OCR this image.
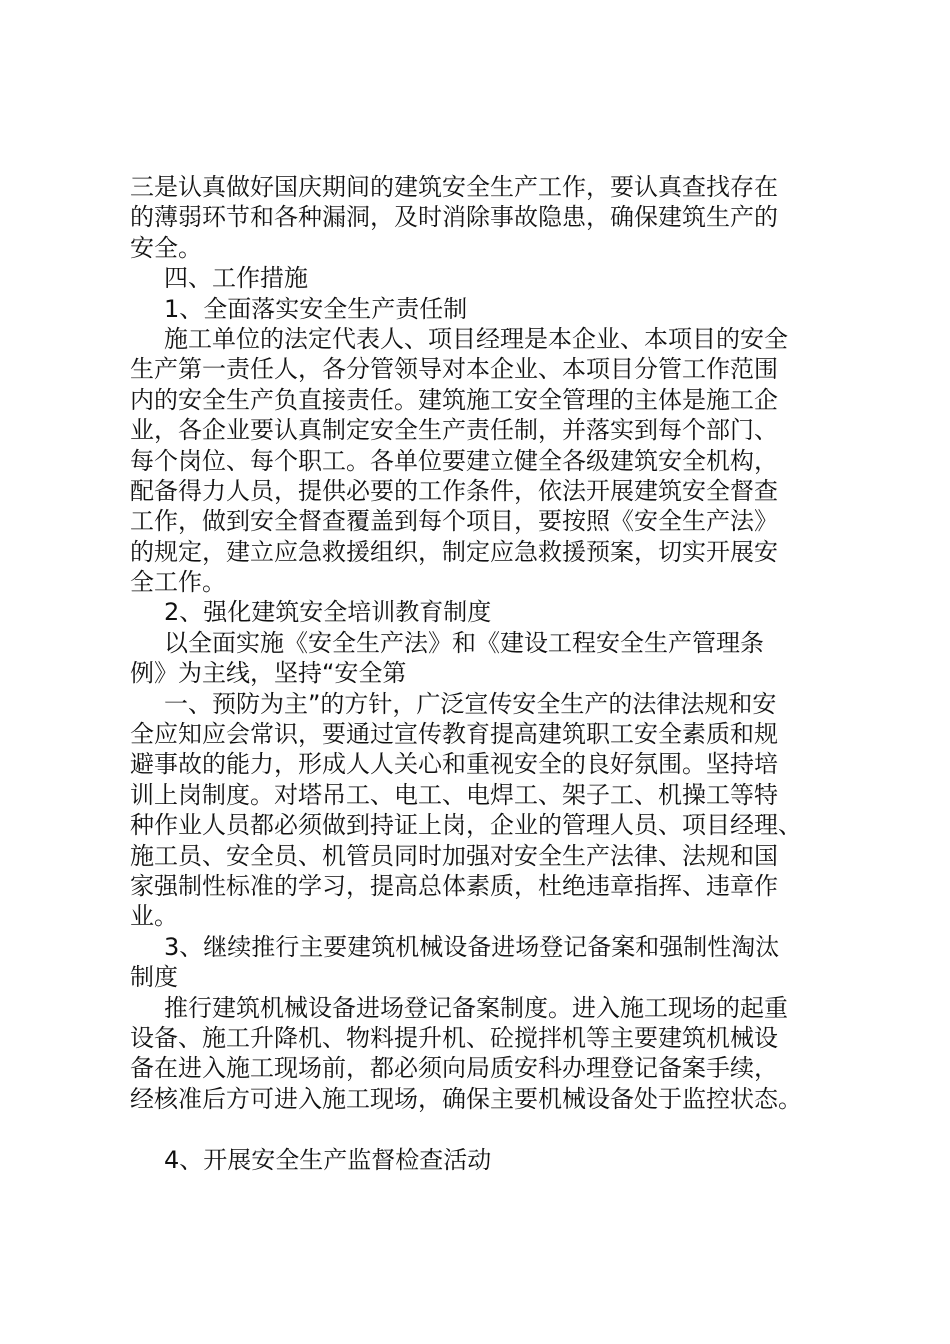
三是认真做好国庆期间的建筑安全生产工作，要认真查找存在
的薄弱环节和各种漏洞，及时消除事故隐患，确保建筑生产的
安全。
四、工作措施
1、全面落实安全生产责任制
施工单位的法定代表人、项目经理是本企业、本项目的安全
生产第一责任人，各分管领导对本企业、本项目分管工作范围
内的安全生产负直接责任。建筑施工安全管理的主体是施工企
业，各企业要认真制定安全生产责任制，并落实到每个部门、
每个岗位、每个职工。各单位要建立健全各级建筑安全机构，
配备得力人员，提供必要的工作条件，依法开展建筑安全督查
工作，做到安全督查覆盖到每个项目，要按照《安全生产法》
的规定，建立应急救援组织，制定应急救援预案，切实开展安
全工作。
2、强化建筑安全培训教育制度
以全面实施《安全生产法》和《建设工程安全生产管理条
例》为主线，坚持“安全第
一、预防为主”的方针，广泛宣传安全生产的法律法规和安
全应知应会常识，要通过宣传教育提高建筑职工安全素质和规
避事故的能力，形成人人关心和重视安全的良好氛围。坚持培
训上岗制度。对塔吊工、电工、电焊工、架子工、机操工等特
种作业人员都必须做到持证上岗，企业的管理人员、项目经理、
施工员、安全员、机管员同时加强对安全生产法律、法规和国
家强制性标准的学习，提高总体素质，杜绝违章指挥、违章作
业。
3、继续推行主要建筑机械设备进场登记备案和强制性淘汰
制度
推行建筑机械设备进场登记备案制度。进入施工现场的起重
设备、施工升降机、物料提升机、砼搅拌机等主要建筑机械设
备在进入施工现场前，都必须向局质安科办理登记备案手续，
经核准后方可进入施工现场，确保主要机械设备处于监控状态。
4、开展安全生产监督检查活动
